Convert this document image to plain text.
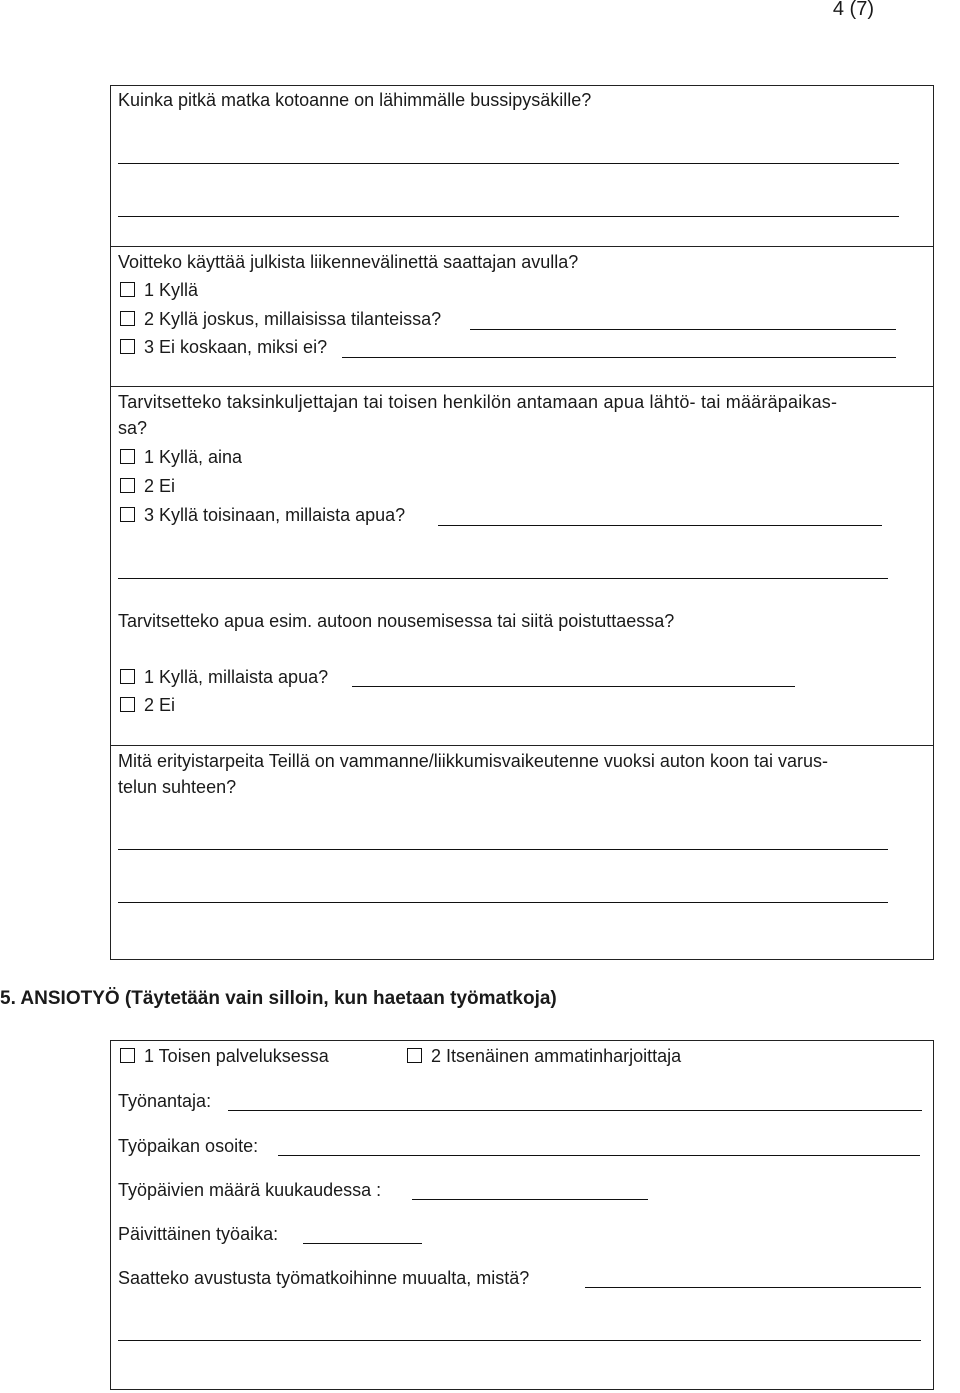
4 (7)
Kuinka pitkä matka kotoanne on lähimmälle bussipysäkille?
Voitteko käyttää julkista liikennevälinettä saattajan avulla?
1 Kyllä
2 Kyllä joskus, millaisissa tilanteissa?
3 Ei koskaan, miksi ei?
Tarvitsetteko taksinkuljettajan tai toisen henkilön antamaan apua lähtö- tai määräpaikas-
sa?
1 Kyllä, aina
2 Ei
3 Kyllä toisinaan, millaista apua?
Tarvitsetteko apua esim. autoon nousemisessa tai siitä poistuttaessa?
1 Kyllä, millaista apua?
2 Ei
Mitä erityistarpeita Teillä on vammanne/liikkumisvaikeutenne vuoksi auton koon tai varus-
telun suhteen?
5. ANSIOTYÖ (Täytetään vain silloin, kun haetaan työmatkoja)
1 Toisen palveluksessa	2 Itsenäinen ammatinharjoittaja
Työnantaja:
Työpaikan osoite:
Työpäivien määrä kuukaudessa :
Päivittäinen työaika:
Saatteko avustusta työmatkoihinne muualta, mistä?
